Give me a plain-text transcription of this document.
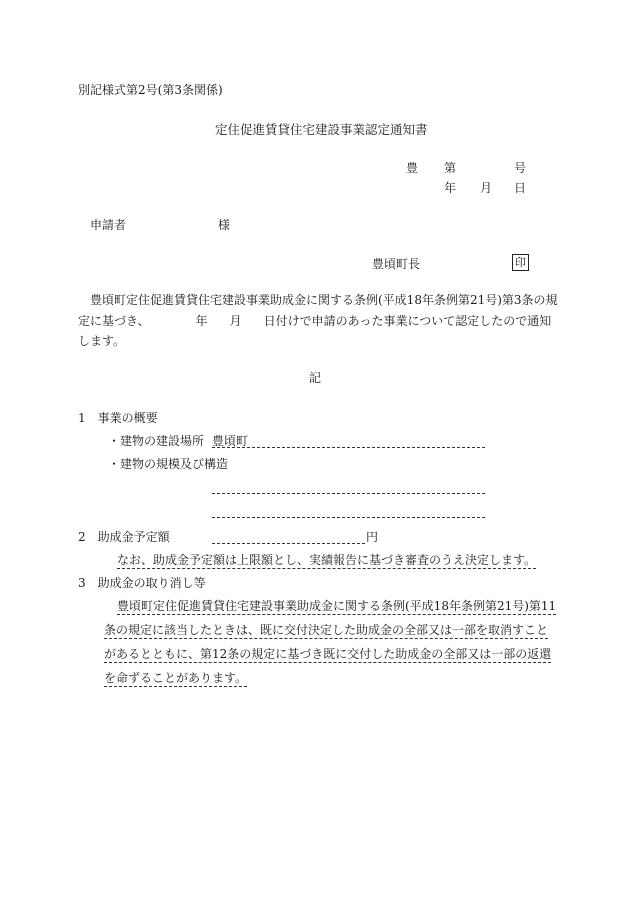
別記様式第2号(第3条関係)
定住促進賃貸住宅建設事業認定通知書
豊 第	号
年 月 日
申請者	様
豊頃町長	印
豊頃町定住促進賃貸住宅建設事業助成金に関する条例(平成18年条例第21号)第3条の規
定に基づき、	年 月 日付けで申請のあった事業について認定したので通知
します。
記
1　事業の概要
・建物の建設場所 豊頃町
・建物の規模及び構造
2　助成金予定額	円
なお、助成金予定額は上限額とし、実績報告に基づき審査のうえ決定します。
3　助成金の取り消し等
豊頃町定住促進賃貸住宅建設事業助成金に関する条例(平成18年条例第21号)第11
条の規定に該当したときは、既に交付決定した助成金の全部又は一部を取消すこと
があるとともに、第12条の規定に基づき既に交付した助成金の全部又は一部の返還
を命ずることがあります。
